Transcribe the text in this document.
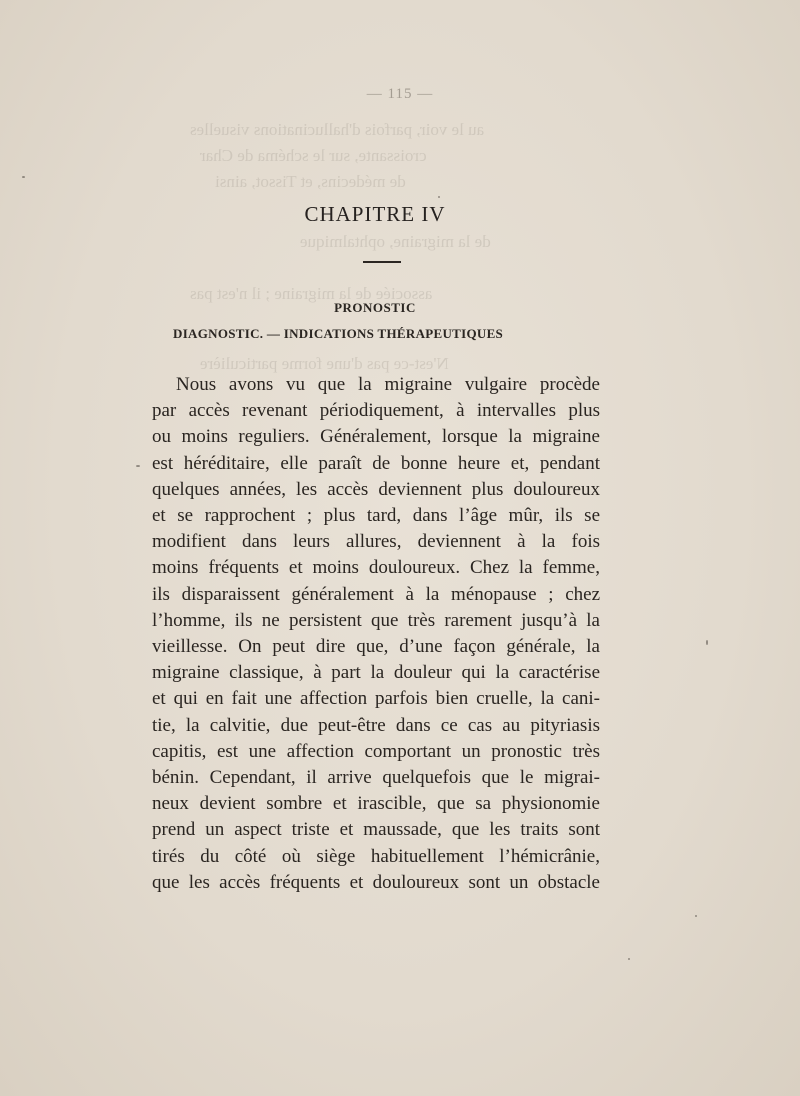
au le voir, parfois d'hallucinations visuelles
croissante, sur le schéma de Char
de médecins, et Tissot, ainsi
de la migraine, ophtalmique
associée de la migraine ; il n'est pas
N'est-ce pas d'une forme particulière
— 115 —
CHAPITRE IV
PRONOSTIC
DIAGNOSTIC. — INDICATIONS THÉRAPEUTIQUES

Nous avons vu que la migraine vulgaire procède
par accès revenant périodiquement, à intervalles plus
ou moins reguliers. Généralement, lorsque la migraine
est héréditaire, elle paraît de bonne heure et, pendant
quelques années, les accès deviennent plus douloureux
et se rapprochent ; plus tard, dans l’âge mûr, ils se
modifient dans leurs allures, deviennent à la fois
moins fréquents et moins douloureux. Chez la femme,
ils disparaissent généralement à la ménopause ; chez
l’homme, ils ne persistent que très rarement jusqu’à la
vieillesse. On peut dire que, d’une façon générale, la
migraine classique, à part la douleur qui la caractérise
et qui en fait une affection parfois bien cruelle, la cani-
tie, la calvitie, due peut-être dans ce cas au pityriasis
capitis, est une affection comportant un pronostic très
bénin. Cependant, il arrive quelquefois que le migrai-
neux devient sombre et irascible, que sa physionomie
prend un aspect triste et maussade, que les traits sont
tirés du côté où siège habituellement l’hémicrânie,
que les accès fréquents et douloureux sont un obstacle
